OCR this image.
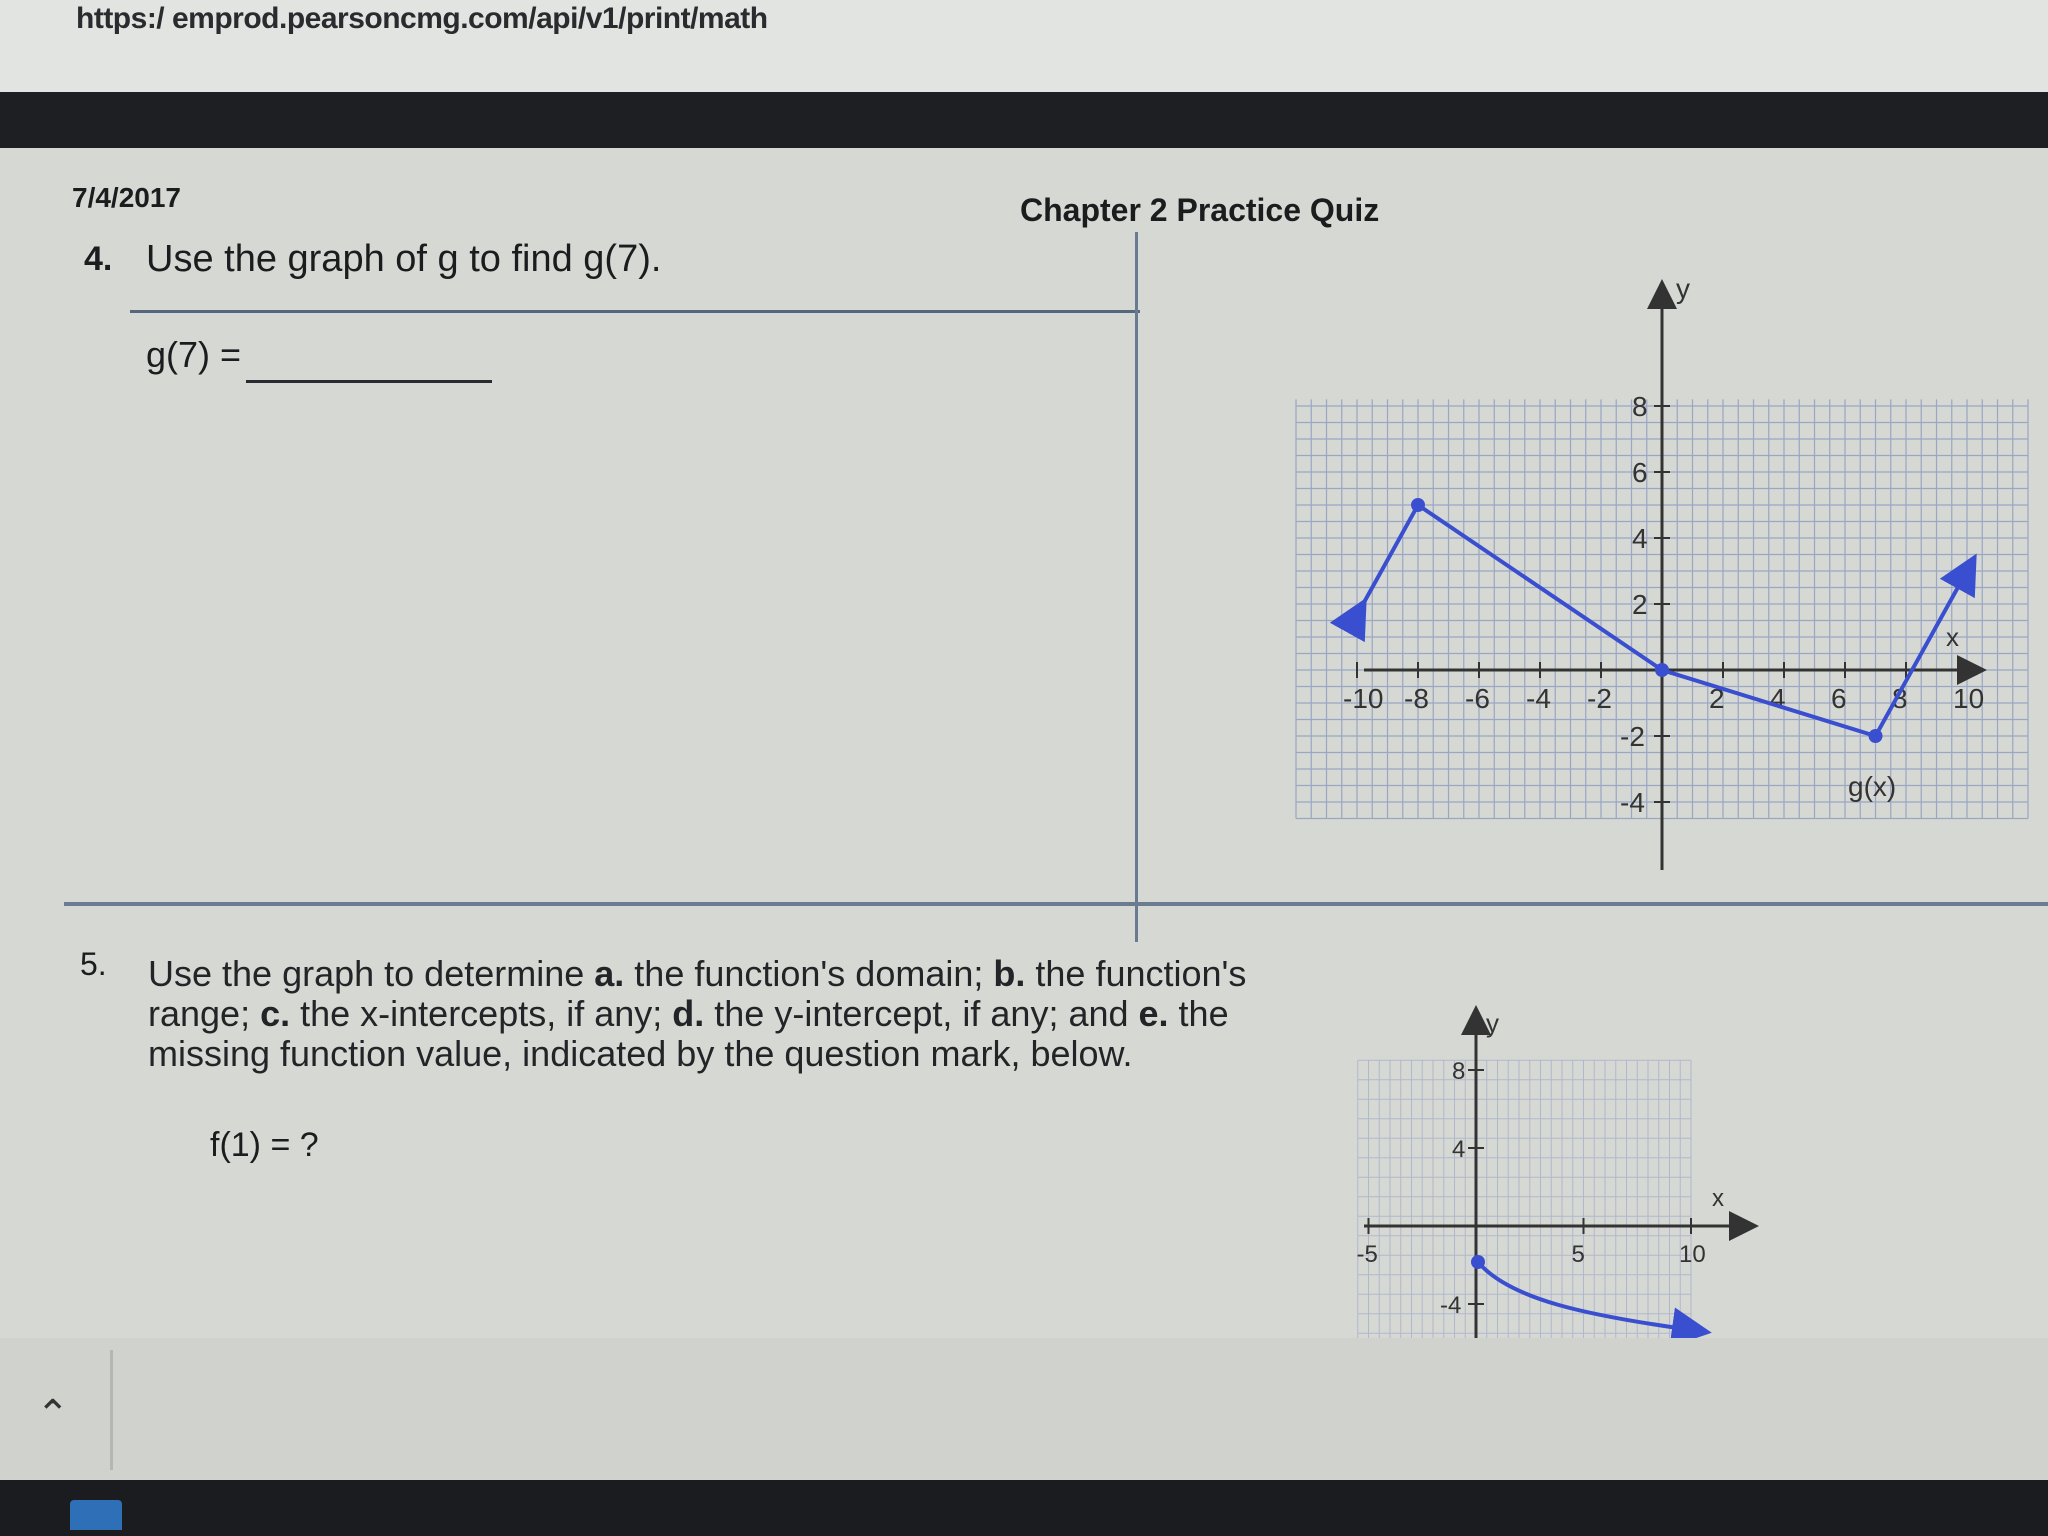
https:/ emprod.pearsoncmg.com/api/v1/print/math
7/4/2017	Chapter 2 Practice Quiz
4. Use the graph of g to find g(7).
g(7) =
y
x
-10 -8 -6 -4 -2	2 4 6 8 10
8
6
4
2
-2
-4
g(x)
5. Use the graph to determine a. the function's domain; b. the function's
range; c. the x-intercepts, if any; d. the y-intercept, if any; and e. the
missing function value, indicated by the question mark, below.
f(1) = ?
y
x
-5	5	10
8
4
-4
⌃
